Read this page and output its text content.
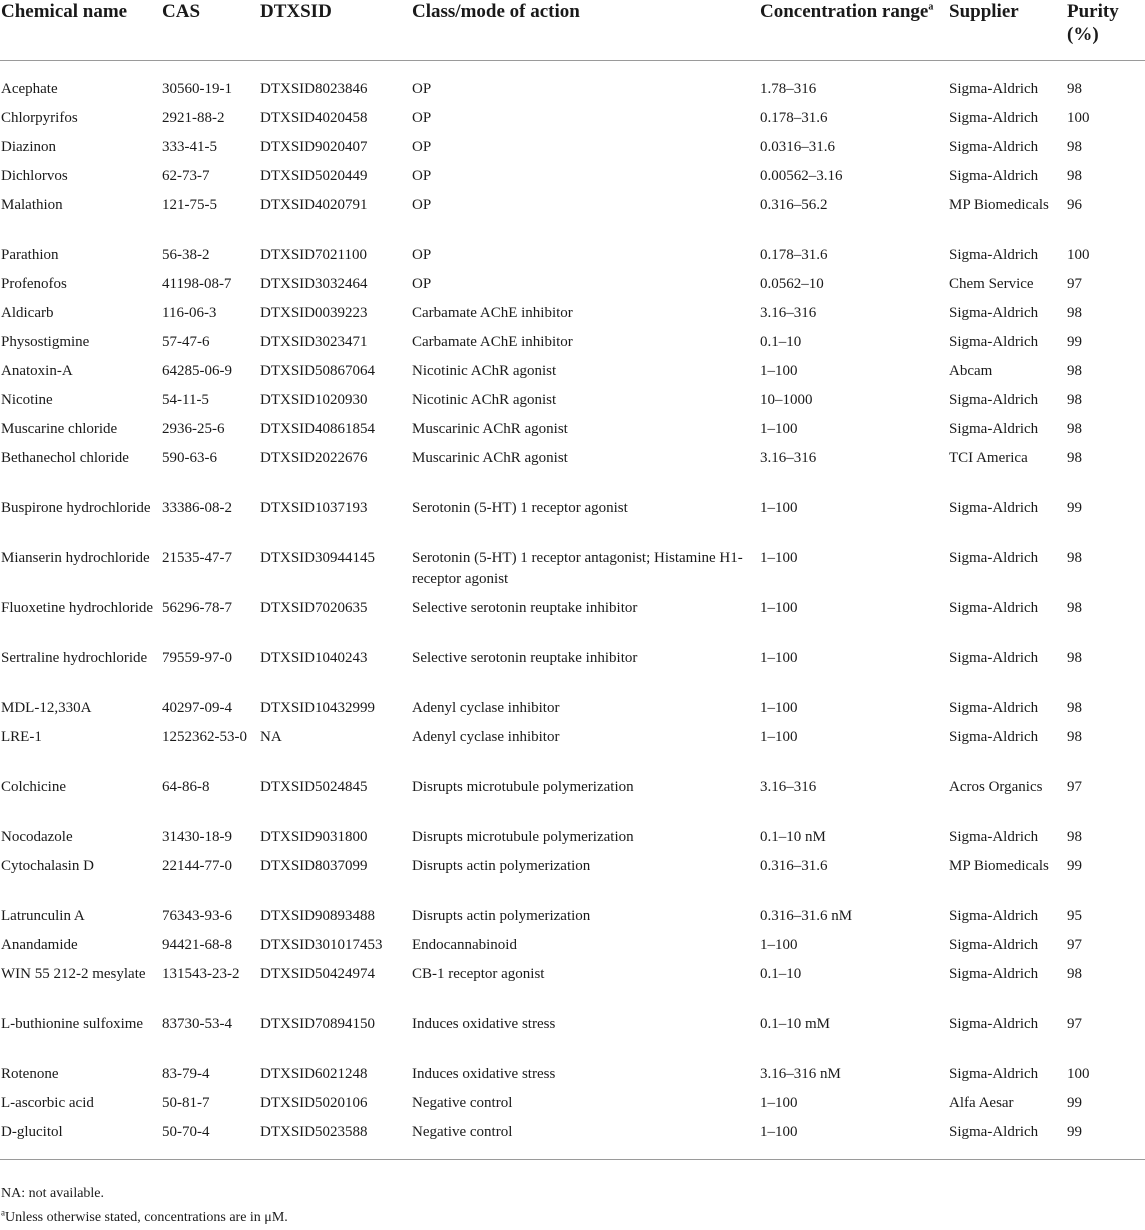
Chemical name	CAS	DTXSID	Class/mode of action	Concentration range$^a$	Supplier	Purity (%)
Acephate	30560-19-1	DTXSID8023846	OP	1.78–316	Sigma-Aldrich	98
Chlorpyrifos	2921-88-2	DTXSID4020458	OP	0.178–31.6	Sigma-Aldrich	100
Diazinon	333-41-5	DTXSID9020407	OP	0.0316–31.6	Sigma-Aldrich	98
Dichlorvos	62-73-7	DTXSID5020449	OP	0.00562–3.16	Sigma-Aldrich	98
Malathion	121-75-5	DTXSID4020791	OP	0.316–56.2	MP Biomedicals	96
Parathion	56-38-2	DTXSID7021100	OP	0.178–31.6	Sigma-Aldrich	100
Profenofos	41198-08-7	DTXSID3032464	OP	0.0562–10	Chem Service	97
Aldicarb	116-06-3	DTXSID0039223	Carbamate AChE inhibitor	3.16–316	Sigma-Aldrich	98
Physostigmine	57-47-6	DTXSID3023471	Carbamate AChE inhibitor	0.1–10	Sigma-Aldrich	99
Anatoxin-A	64285-06-9	DTXSID50867064	Nicotinic AChR agonist	1–100	Abcam	98
Nicotine	54-11-5	DTXSID1020930	Nicotinic AChR agonist	10–1000	Sigma-Aldrich	98
Muscarine chloride	2936-25-6	DTXSID40861854	Muscarinic AChR agonist	1–100	Sigma-Aldrich	98
Bethanechol chloride	590-63-6	DTXSID2022676	Muscarinic AChR agonist	3.16–316	TCI America	98
Buspirone hydrochloride	33386-08-2	DTXSID1037193	Serotonin (5-HT) 1 receptor agonist	1–100	Sigma-Aldrich	99
Mianserin hydrochloride	21535-47-7	DTXSID30944145	Serotonin (5-HT) 1 receptor antagonist; Histamine H1-receptor agonist	1–100	Sigma-Aldrich	98
Fluoxetine hydrochloride	56296-78-7	DTXSID7020635	Selective serotonin reuptake inhibitor	1–100	Sigma-Aldrich	98
Sertraline hydrochloride	79559-97-0	DTXSID1040243	Selective serotonin reuptake inhibitor	1–100	Sigma-Aldrich	98
MDL-12,330A	40297-09-4	DTXSID10432999	Adenyl cyclase inhibitor	1–100	Sigma-Aldrich	98
LRE-1	1252362-53-0	NA	Adenyl cyclase inhibitor	1–100	Sigma-Aldrich	98
Colchicine	64-86-8	DTXSID5024845	Disrupts microtubule polymerization	3.16–316	Acros Organics	97
Nocodazole	31430-18-9	DTXSID9031800	Disrupts microtubule polymerization	0.1–10 nM	Sigma-Aldrich	98
Cytochalasin D	22144-77-0	DTXSID8037099	Disrupts actin polymerization	0.316–31.6	MP Biomedicals	99
Latrunculin A	76343-93-6	DTXSID90893488	Disrupts actin polymerization	0.316–31.6 nM	Sigma-Aldrich	95
Anandamide	94421-68-8	DTXSID301017453	Endocannabinoid	1–100	Sigma-Aldrich	97
WIN 55 212-2 mesylate	131543-23-2	DTXSID50424974	CB-1 receptor agonist	0.1–10	Sigma-Aldrich	98
L-buthionine sulfoxime	83730-53-4	DTXSID70894150	Induces oxidative stress	0.1–10 mM	Sigma-Aldrich	97
Rotenone	83-79-4	DTXSID6021248	Induces oxidative stress	3.16–316 nM	Sigma-Aldrich	100
L-ascorbic acid	50-81-7	DTXSID5020106	Negative control	1–100	Alfa Aesar	99
D-glucitol	50-70-4	DTXSID5023588	Negative control	1–100	Sigma-Aldrich	99
NA: not available.
$^a$Unless otherwise stated, concentrations are in μM.
